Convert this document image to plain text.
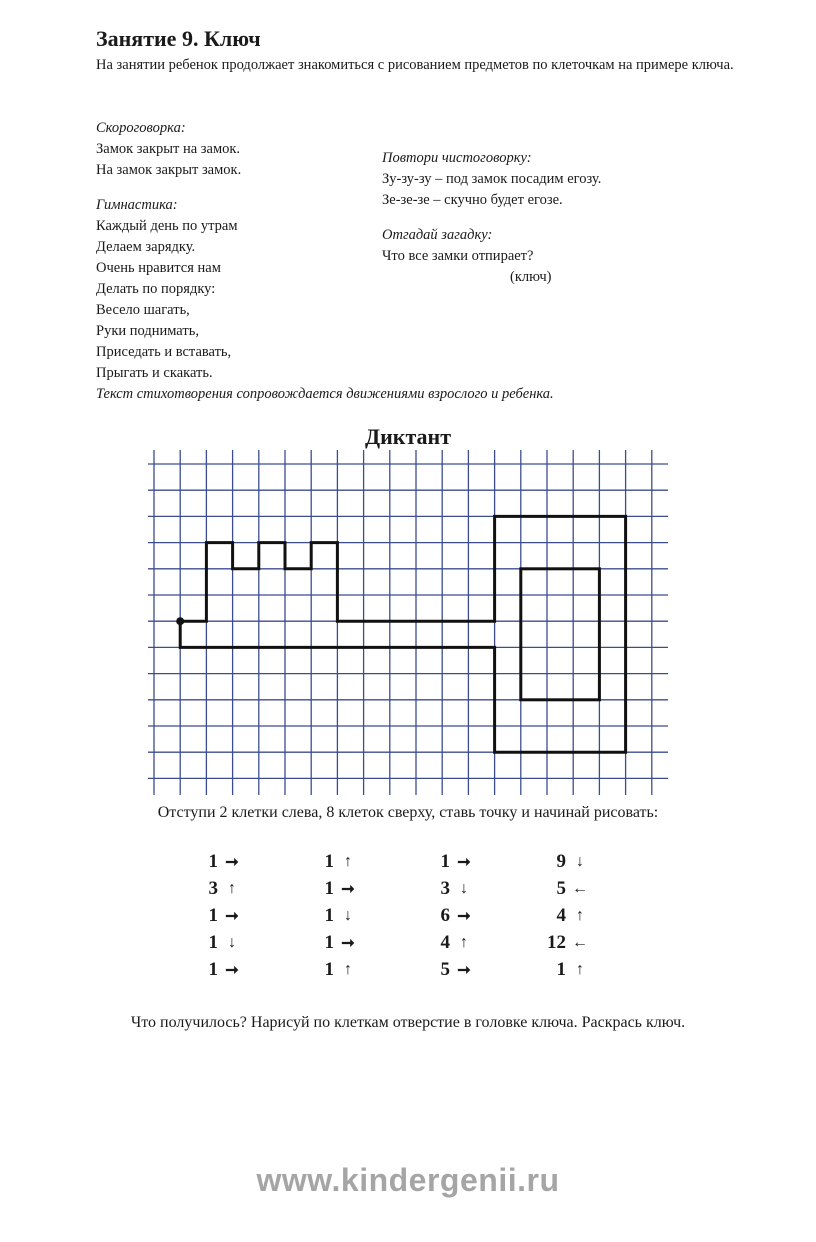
Занятие 9. Ключ
На занятии ребенок продолжает знакомиться с рисованием предметов по клеточкам на примере ключа.
Скороговорка:
Замок закрыт на замок.
На замок закрыт замок.
Гимнастика:
Каждый день по утрам
Делаем зарядку.
Очень нравится нам
Делать по порядку:
Весело шагать,
Руки поднимать,
Приседать и вставать,
Прыгать и скакать.
Повтори чистоговорку:
Зу-зу-зу – под замок посадим егозу.
Зе-зе-зе – скучно будет егозе.
Отгадай загадку:
Что все замки отпирает?
(ключ)
Текст стихотворения сопровождается движениями взрослого и ребенка.
Диктант
Отступи 2 клетки слева, 8 клеток сверху, ставь точку и начинай рисовать:
1 ➞
3 ↑
1 ➞
1 ↓
1 ➞
1 ↑
1 ➞
1 ↓
1 ➞
1 ↑
1 ➞
3 ↓
6 ➞
4 ↑
5 ➞
9 ↓
5 ←
4 ↑
12 ←
1 ↑
Что получилось? Нарисуй по клеткам отверстие в головке ключа. Раскрась ключ.
www.kindergenii.ru
